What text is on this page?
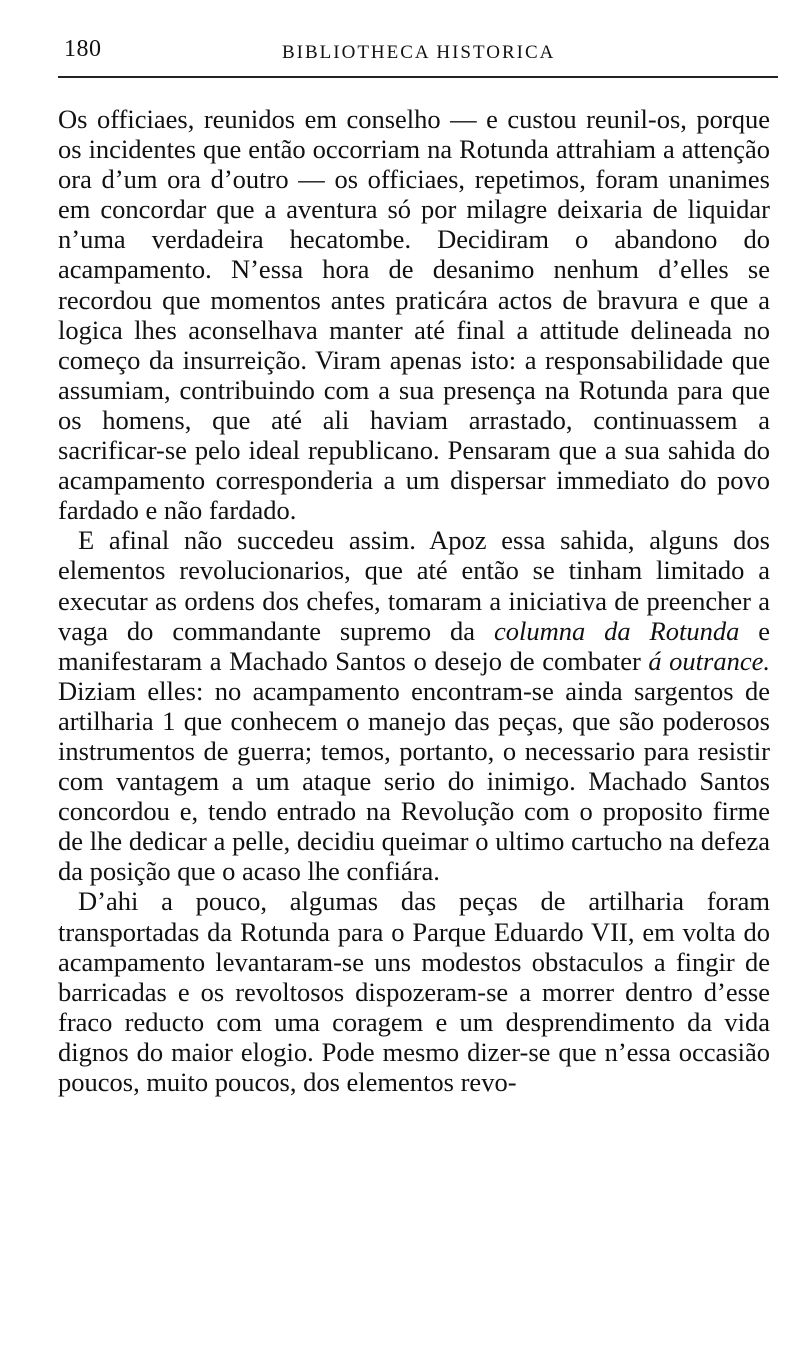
180	BIBLIOTHECA HISTORICA

Os officiaes, reunidos em conselho — e custou reunil-os, porque os incidentes que então occorriam na Rotunda attrahiam a attenção ora d’um ora d’outro — os officiaes, repetimos, foram unanimes em concordar que a aventura só por milagre deixaria de liquidar n’uma verdadeira hecatombe. Decidiram o abandono do acampamento. N’essa hora de desanimo nenhum d’elles se recordou que momentos antes praticára actos de bravura e que a logica lhes aconselhava manter até final a attitude delineada no começo da insurreição. Viram apenas isto: a responsabilidade que assumiam, contribuindo com a sua presença na Rotunda para que os homens, que até ali haviam arrastado, continuassem a sacrificar-se pelo ideal republicano. Pensaram que a sua sahida do acampamento corresponderia a um dispersar immediato do povo fardado e não fardado.

E afinal não succedeu assim. Apoz essa sahida, alguns dos elementos revolucionarios, que até então se tinham limitado a executar as ordens dos chefes, tomaram a iniciativa de preencher a vaga do commandante supremo da columna da Rotunda e manifestaram a Machado Santos o desejo de combater á outrance. Diziam elles: no acampamento encontram-se ainda sargentos de artilharia 1 que conhecem o manejo das peças, que são poderosos instrumentos de guerra; temos, portanto, o necessario para resistir com vantagem a um ataque serio do inimigo. Machado Santos concordou e, tendo entrado na Revolução com o proposito firme de lhe dedicar a pelle, decidiu queimar o ultimo cartucho na defeza da posição que o acaso lhe confiára.

D’ahi a pouco, algumas das peças de artilharia foram transportadas da Rotunda para o Parque Eduardo VII, em volta do acampamento levantaram-se uns modestos obstaculos a fingir de barricadas e os revoltosos dispozeram-se a morrer dentro d’esse fraco reducto com uma coragem e um desprendimento da vida dignos do maior elogio. Pode mesmo dizer-se que n’essa occasião poucos, muito poucos, dos elementos revo-
